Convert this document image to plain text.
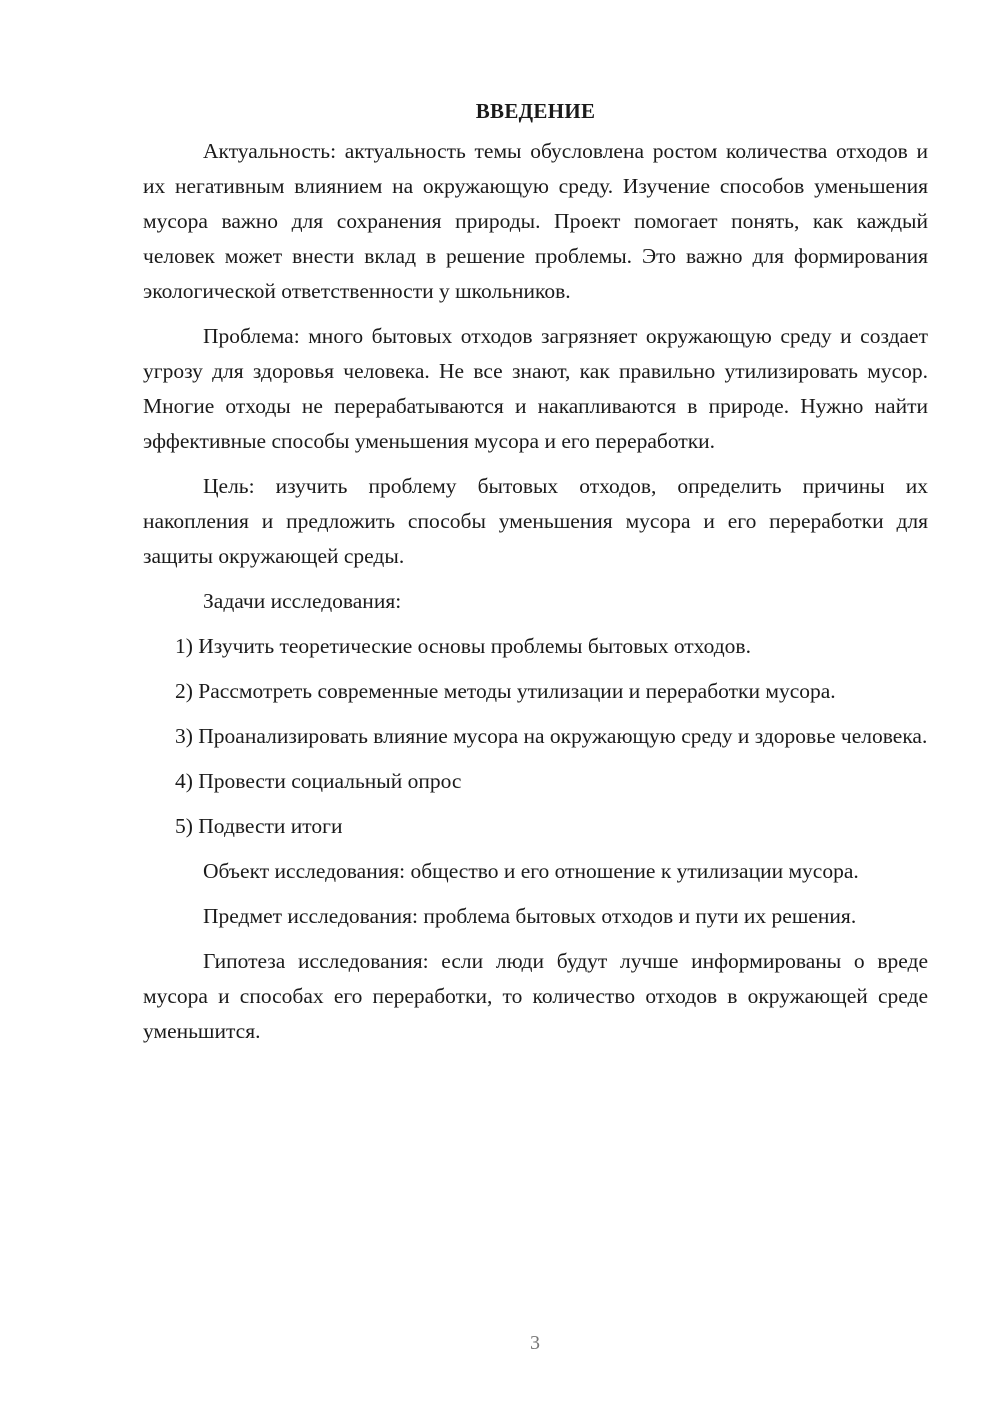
ВВЕДЕНИЕ

Актуальность: актуальность темы обусловлена ростом количества отходов и их негативным влиянием на окружающую среду. Изучение способов уменьшения мусора важно для сохранения природы. Проект помогает понять, как каждый человек может внести вклад в решение проблемы. Это важно для формирования экологической ответственности у школьников.

Проблема: много бытовых отходов загрязняет окружающую среду и создает угрозу для здоровья человека. Не все знают, как правильно утилизировать мусор. Многие отходы не перерабатываются и накапливаются в природе. Нужно найти эффективные способы уменьшения мусора и его переработки.

Цель: изучить проблему бытовых отходов, определить причины их накопления и предложить способы уменьшения мусора и его переработки для защиты окружающей среды.

Задачи исследования:

1) Изучить теоретические основы проблемы бытовых отходов.

2) Рассмотреть современные методы утилизации и переработки мусора.

3) Проанализировать влияние мусора на окружающую среду и здоровье человека.

4) Провести социальный опрос

5) Подвести итоги

Объект исследования: общество и его отношение к утилизации мусора.

Предмет исследования: проблема бытовых отходов и пути их решения.

Гипотеза исследования: если люди будут лучше информированы о вреде мусора и способах его переработки, то количество отходов в окружающей среде уменьшится.

3
